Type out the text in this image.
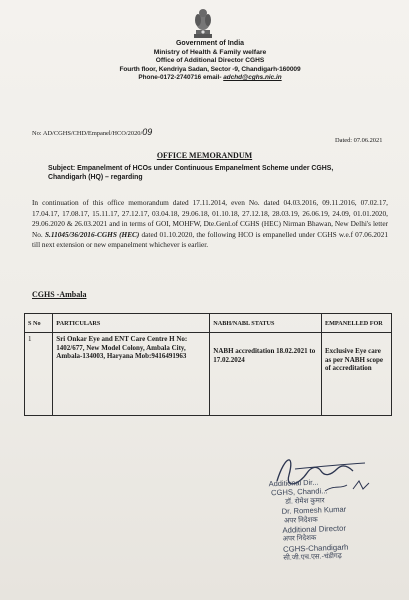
Government of India
Ministry of Health & Family welfare
Office of Additional Director CGHS
Fourth floor, Kendriya Sadan, Sector -9, Chandigarh-160009
Phone-0172-2740716 email- adchd@cghs.nic.in
No: AD/CGHS/CHD/Empanel/HCO/2020/09
Dated: 07.06.2021
OFFICE MEMORANDUM
Subject: Empanelment of HCOs under Continuous Empanelment Scheme under CGHS, Chandigarh (HQ) – regarding
In continuation of this office memorandum dated 17.11.2014, even No. dated 04.03.2016, 09.11.2016, 07.02.17, 17.04.17, 17.08.17, 15.11.17, 27.12.17, 03.04.18, 29.06.18, 01.10.18, 27.12.18, 28.03.19, 26.06.19, 24.09, 01.01.2020, 29.06.2020 & 26.03.2021 and in terms of GOI, MOHFW, Dte.Genl.of CGHS (HEC) Nirman Bhawan, New Delhi's letter No. S.11045/36/2016-CGHS (HEC) dated 01.10.2020, the following HCO is empanelled under CGHS w.e.f 07.06.2021 till next extension or new empanelment whichever is earlier.
CGHS -Ambala
S No	PARTICULARS	NABH/NABL STATUS	EMPANELLED FOR
1	Sri Onkar Eye and ENT Care Centre H No: 1402/677, New Model Colony, Ambala City, Ambala-134003, Haryana Mob:9416491963	NABH accreditation 18.02.2021 to 17.02.2024	Exclusive Eye care as per NABH scope of accreditation
Additional Dir...
CGHS, Chandi...
डॉ. रोमेश कुमार
Dr. Romesh Kumar
अपर निदेशक
Additional Director
अपर निदेशक
CGHS-Chandigarh
सी.जी.एच.एस.-चंडीगढ़
